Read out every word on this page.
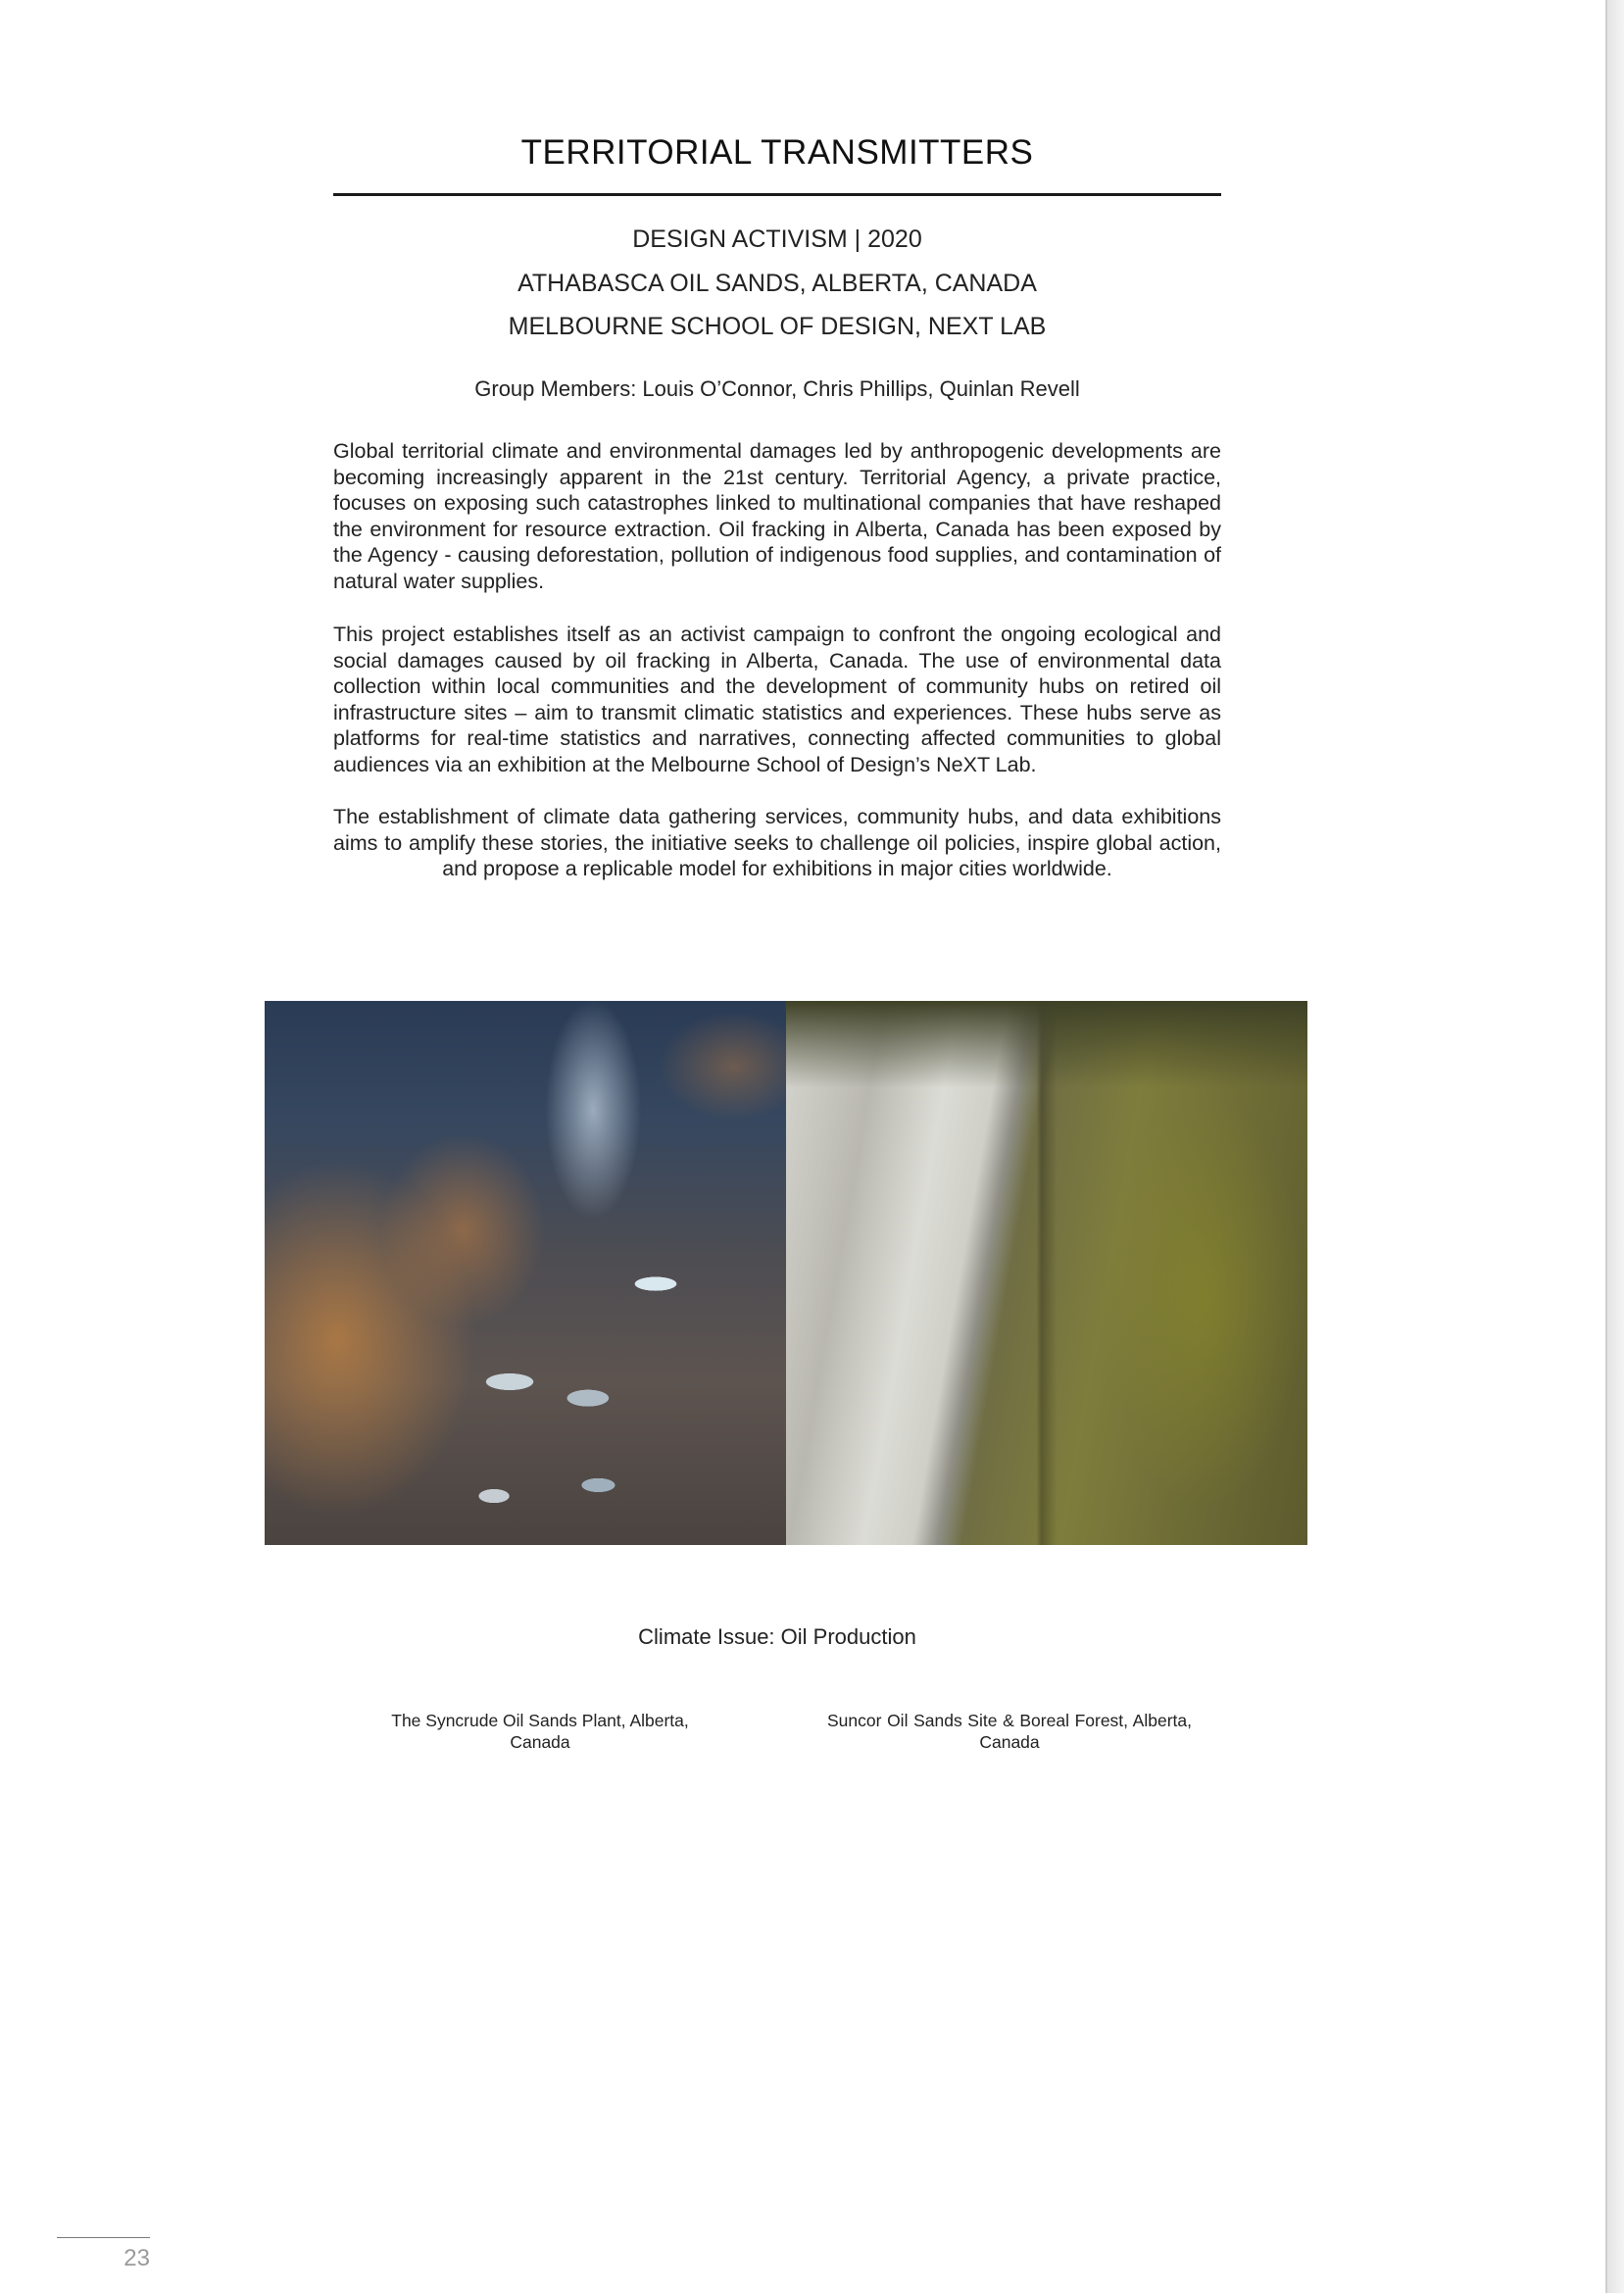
TERRITORIAL TRANSMITTERS
DESIGN ACTIVISM | 2020
ATHABASCA OIL SANDS, ALBERTA, CANADA
MELBOURNE SCHOOL OF DESIGN, NEXT LAB
Group Members: Louis O’Connor, Chris Phillips, Quinlan Revell

Global territorial climate and environmental damages led by anthropogenic developments are becoming increasingly apparent in the 21st century. Territorial Agency, a private practice, focuses on exposing such catastrophes linked to multinational companies that have reshaped the environment for resource extraction. Oil fracking in Alberta, Canada has been exposed by the Agency - causing deforestation, pollution of indigenous food supplies, and contamination of natural water supplies.

This project establishes itself as an activist campaign to confront the ongoing ecological and social damages caused by oil fracking in Alberta, Canada. The use of environmental data collection within local communities and the development of community hubs on retired oil infrastructure sites – aim to transmit climatic statistics and experiences. These hubs serve as platforms for real-time statistics and narratives, connecting affected communities to global audiences via an exhibition at the Melbourne School of Design’s NeXT Lab.

The establishment of climate data gathering services, community hubs, and data exhibitions aims to amplify these stories, the initiative seeks to challenge oil policies, inspire global action, and propose a replicable model for exhibitions in major cities worldwide.

Climate Issue: Oil Production

The Syncrude Oil Sands Plant, Alberta, Canada

Suncor Oil Sands Site & Boreal Forest, Alberta, Canada

23
